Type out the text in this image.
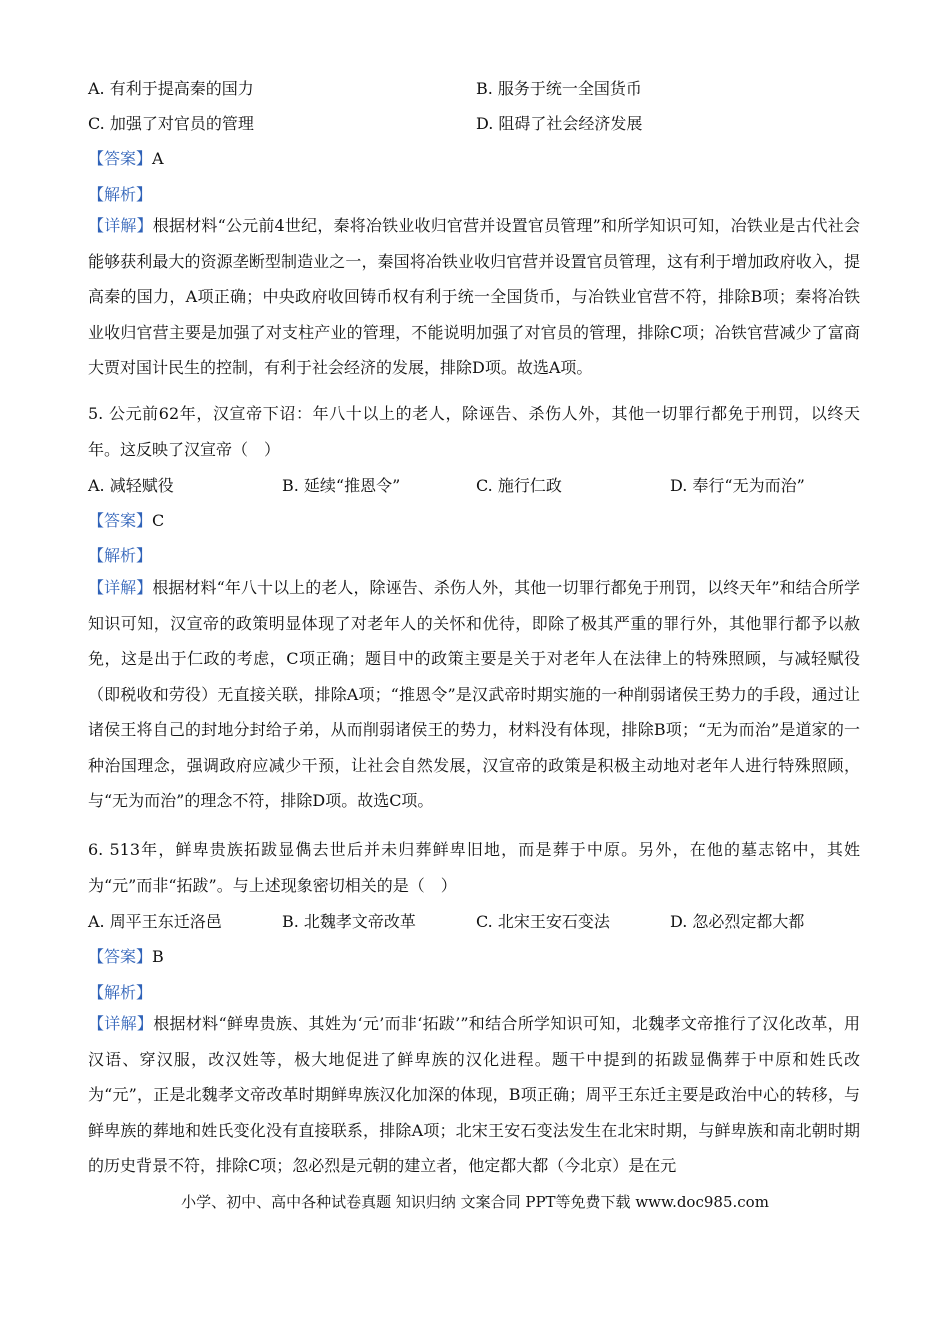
A. 有利于提高秦的国力	B. 服务于统一全国货币
C. 加强了对官员的管理	D. 阻碍了社会经济发展
【答案】A
【解析】
【详解】根据材料“公元前4世纪，秦将冶铁业收归官营并设置官员管理”和所学知识可知，冶铁业是古代社会能够获利最大的资源垄断型制造业之一，秦国将冶铁业收归官营并设置官员管理，这有利于增加政府收入，提高秦的国力，A项正确；中央政府收回铸币权有利于统一全国货币，与冶铁业官营不符，排除B项；秦将冶铁业收归官营主要是加强了对支柱产业的管理，不能说明加强了对官员的管理，排除C项；冶铁官营减少了富商大贾对国计民生的控制，有利于社会经济的发展，排除D项。故选A项。
5. 公元前62年，汉宣帝下诏：年八十以上的老人，除诬告、杀伤人外，其他一切罪行都免于刑罚，以终天年。这反映了汉宣帝（　）
A. 减轻赋役	B. 延续“推恩令”	C. 施行仁政	D. 奉行“无为而治”
【答案】C
【解析】
【详解】根据材料“年八十以上的老人，除诬告、杀伤人外，其他一切罪行都免于刑罚，以终天年”和结合所学知识可知，汉宣帝的政策明显体现了对老年人的关怀和优待，即除了极其严重的罪行外，其他罪行都予以赦免，这是出于仁政的考虑，C项正确；题目中的政策主要是关于对老年人在法律上的特殊照顾，与减轻赋役（即税收和劳役）无直接关联，排除A项；“推恩令”是汉武帝时期实施的一种削弱诸侯王势力的手段，通过让诸侯王将自己的封地分封给子弟，从而削弱诸侯王的势力，材料没有体现，排除B项；“无为而治”是道家的一种治国理念，强调政府应减少干预，让社会自然发展，汉宣帝的政策是积极主动地对老年人进行特殊照顾，与“无为而治”的理念不符，排除D项。故选C项。
6. 513年，鲜卑贵族拓跋显儁去世后并未归葬鲜卑旧地，而是葬于中原。另外，在他的墓志铭中，其姓为“元”而非“拓跋”。与上述现象密切相关的是（　）
A. 周平王东迁洛邑	B. 北魏孝文帝改革	C. 北宋王安石变法	D. 忽必烈定都大都
【答案】B
【解析】
【详解】根据材料“鲜卑贵族、其姓为‘元’而非‘拓跋’”和结合所学知识可知，北魏孝文帝推行了汉化改革，用汉语、穿汉服，改汉姓等，极大地促进了鲜卑族的汉化进程。题干中提到的拓跋显儁葬于中原和姓氏改为“元”，正是北魏孝文帝改革时期鲜卑族汉化加深的体现，B项正确；周平王东迁主要是政治中心的转移，与鲜卑族的葬地和姓氏变化没有直接联系，排除A项；北宋王安石变法发生在北宋时期，与鲜卑族和南北朝时期的历史背景不符，排除C项；忽必烈是元朝的建立者，他定都大都（今北京）是在元
小学、初中、高中各种试卷真题 知识归纳 文案合同 PPT等免费下载 www.doc985.com
